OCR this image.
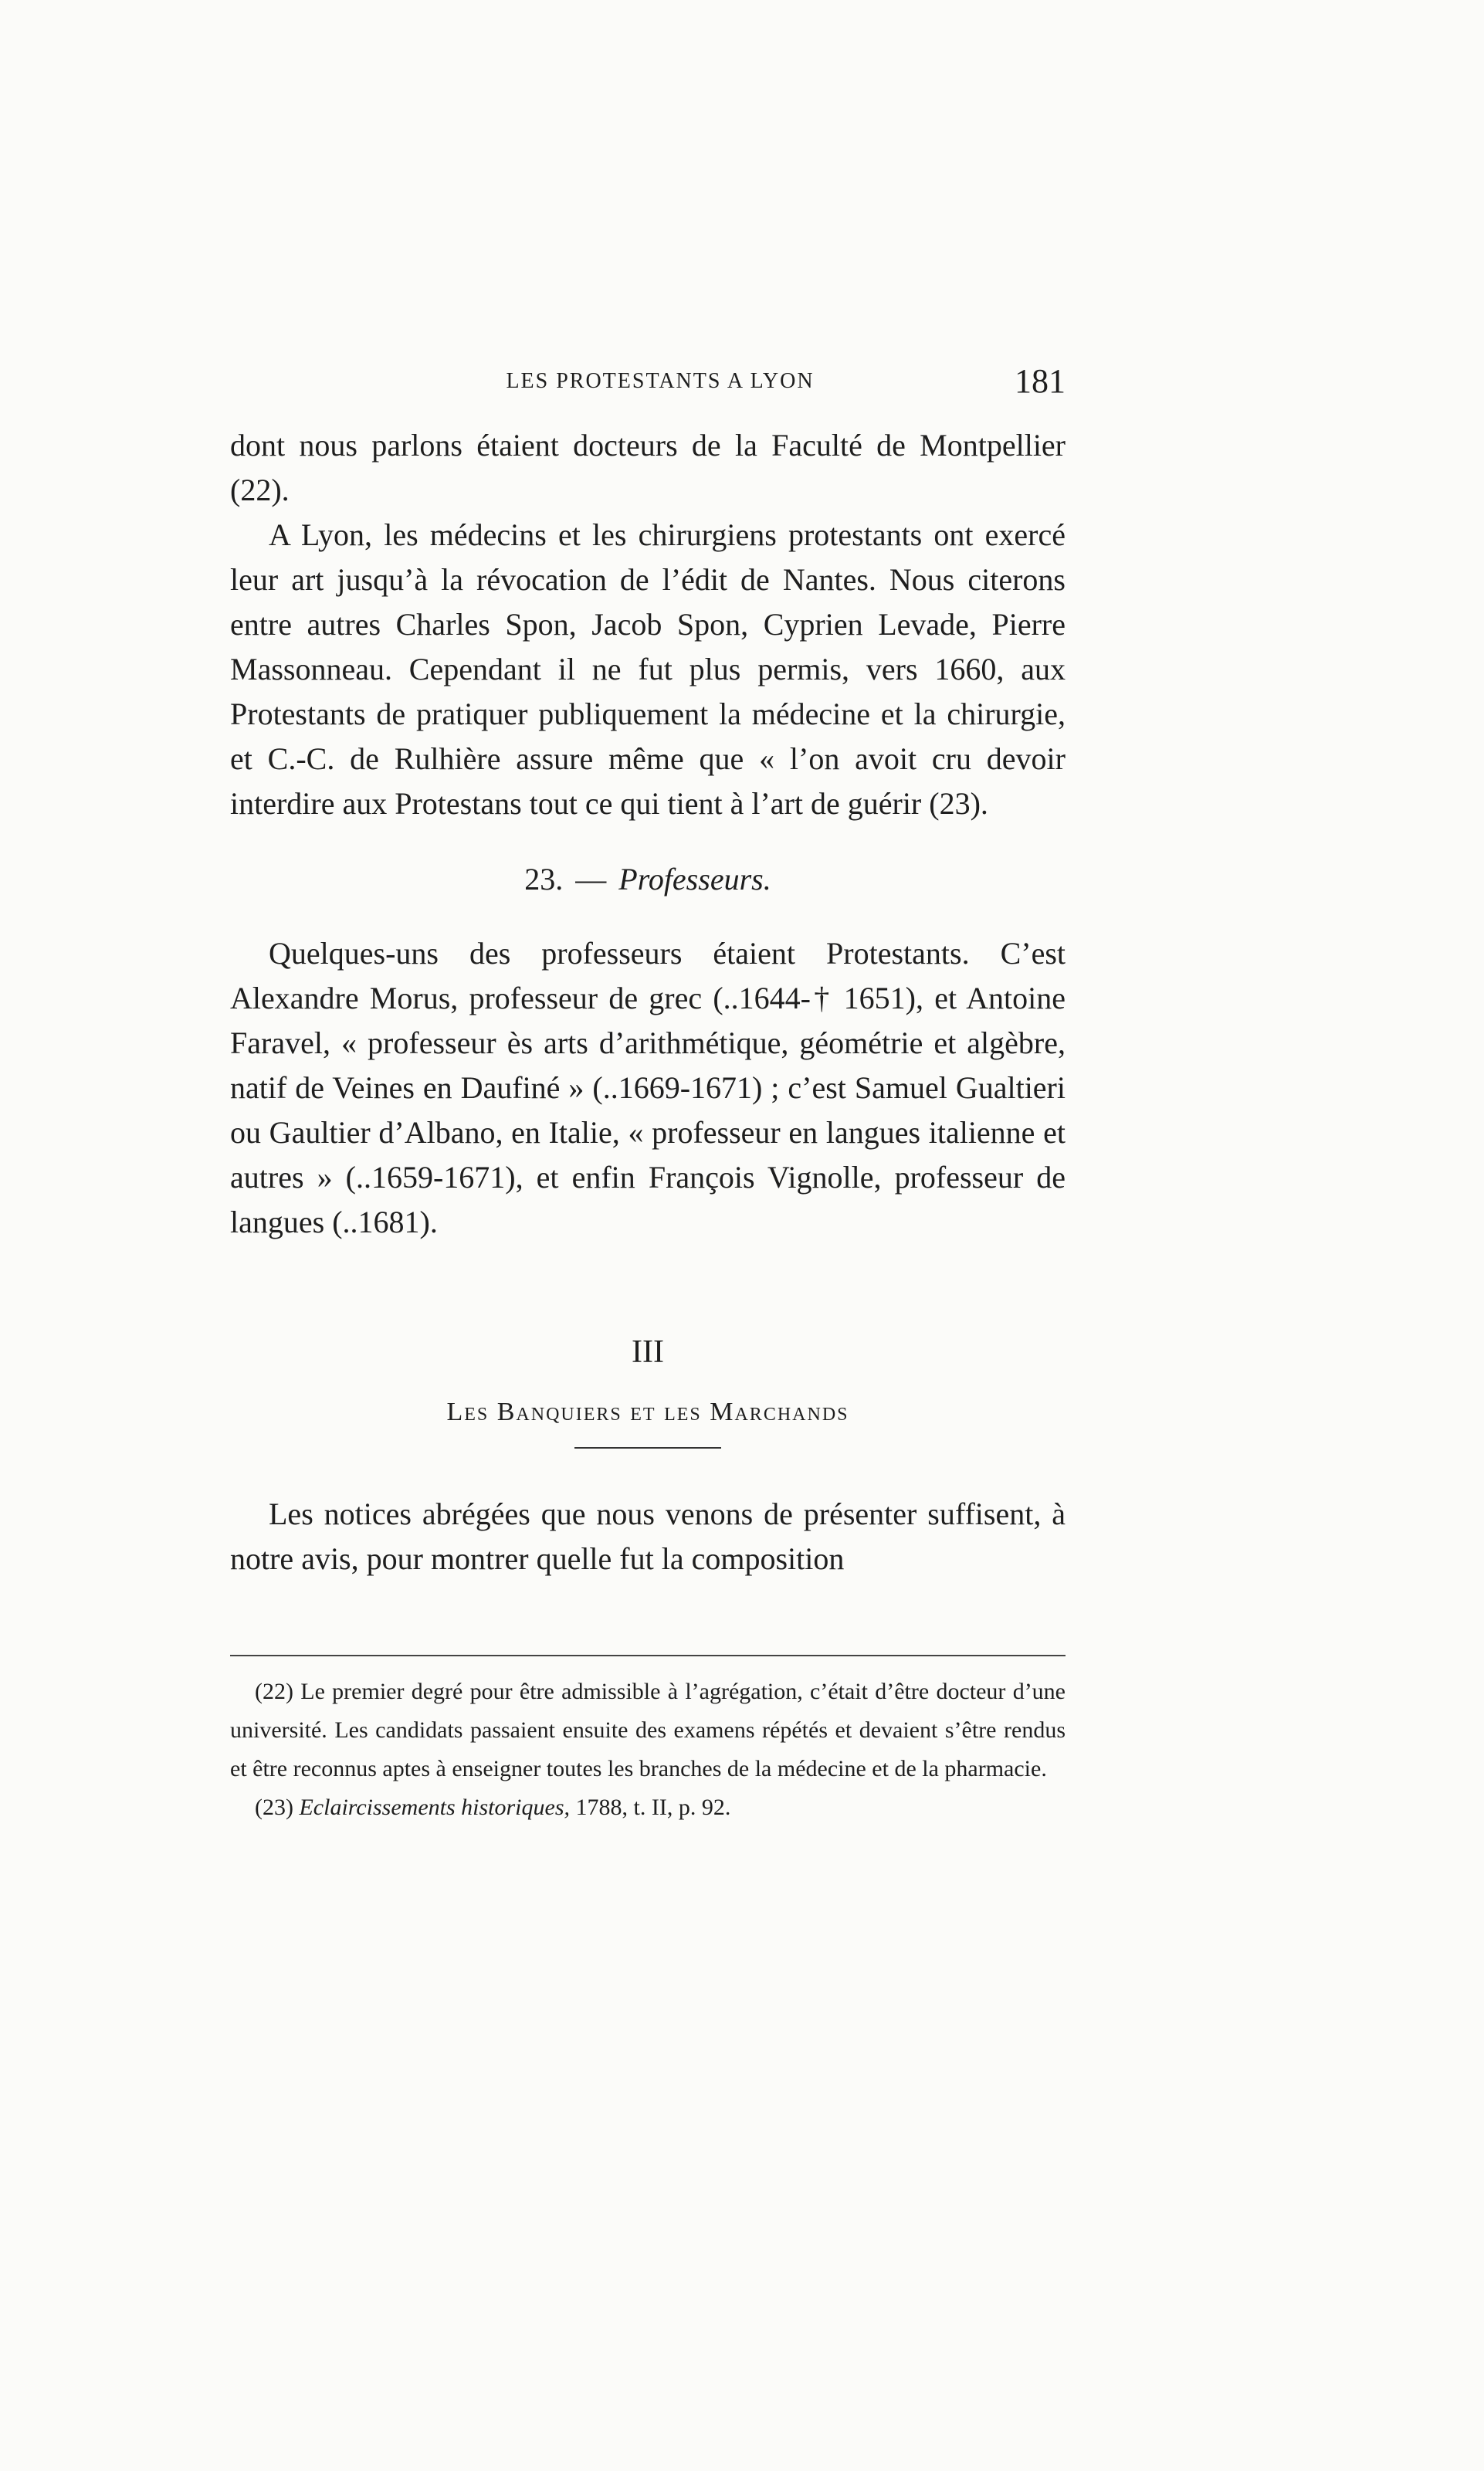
LES PROTESTANTS A LYON	181

dont nous parlons étaient docteurs de la Faculté de Montpellier (22).

A Lyon, les médecins et les chirurgiens protestants ont exercé leur art jusqu’à la révocation de l’édit de Nantes. Nous citerons entre autres Charles Spon, Jacob Spon, Cyprien Levade, Pierre Massonneau. Cependant il ne fut plus permis, vers 1660, aux Protestants de pratiquer publiquement la médecine et la chirurgie, et C.-C. de Rulhière assure même que « l’on avoit cru devoir interdire aux Protestans tout ce qui tient à l’art de guérir (23).

23. — Professeurs.

Quelques-uns des professeurs étaient Protestants. C’est Alexandre Morus, professeur de grec (..1644-† 1651), et Antoine Faravel, « professeur ès arts d’arithmétique, géométrie et algèbre, natif de Veines en Daufiné » (..1669-1671) ; c’est Samuel Gualtieri ou Gaultier d’Albano, en Italie, « professeur en langues italienne et autres » (..1659-1671), et enfin François Vignolle, professeur de langues (..1681).

III
Les Banquiers et les Marchands

Les notices abrégées que nous venons de présenter suffisent, à notre avis, pour montrer quelle fut la composition

(22) Le premier degré pour être admissible à l’agrégation, c’était d’être docteur d’une université. Les candidats passaient ensuite des examens répétés et devaient s’être rendus et être reconnus aptes à enseigner toutes les branches de la médecine et de la pharmacie.

(23) Eclaircissements historiques, 1788, t. II, p. 92.
